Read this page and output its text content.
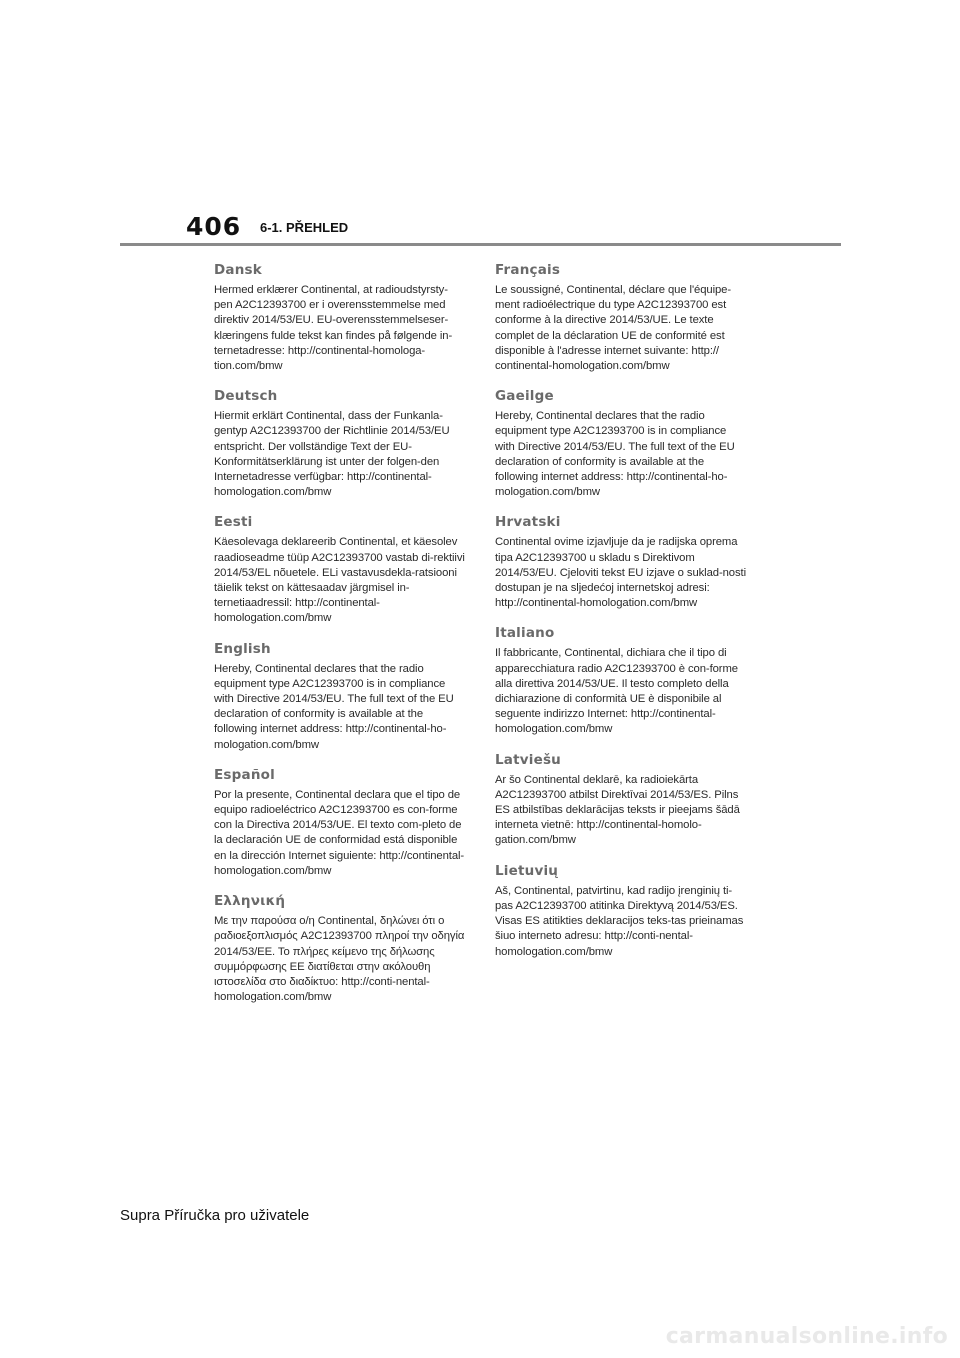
406 6-1. PŘEHLED
Dansk

Hermed erklærer Continental, at radioudstyrsty-pen A2C12393700 er i overensstemmelse med direktiv 2014/53/EU. EU-overensstemmelseser-klæringens fulde tekst kan findes på følgende in-ternetadresse: http://continental-homologa-tion.com/bmw

Deutsch

Hiermit erklärt Continental, dass der Funkanla-gentyp A2C12393700 der Richtlinie 2014/53/EU entspricht. Der vollständige Text der EU-Konformitätserklärung ist unter der folgen-den Internetadresse verfügbar: http://continental-homologation.com/bmw

Eesti

Käesolevaga deklareerib Continental, et käesolev raadioseadme tüüp A2C12393700 vastab di-rektiivi 2014/53/EL nõuetele. ELi vastavusdekla-ratsiooni täielik tekst on kättesaadav järgmisel in-ternetiaadressil: http://continental-homologation.com/bmw

English

Hereby, Continental declares that the radio equipment type A2C12393700 is in compliance with Directive 2014/53/EU. The full text of the EU declaration of conformity is available at the following internet address: http://continental-ho-mologation.com/bmw

Español

Por la presente, Continental declara que el tipo de equipo radioeléctrico A2C12393700 es con-forme con la Directiva 2014/53/UE. El texto com-pleto de la declaración UE de conformidad está disponible en la dirección Internet siguiente: http://continental-homologation.com/bmw

Ελληνική

Με την παρούσα ο/η Continental, δηλώνει ότι ο ραδιοεξοπλισμός A2C12393700 πληροί την οδηγία 2014/53/ΕΕ. Το πλήρες κείμενο της δήλωσης συμμόρφωσης ΕΕ διατίθεται στην ακόλουθη ιστοσελίδα στο διαδίκτυο: http://conti-nental-homologation.com/bmw

Français

Le soussigné, Continental, déclare que l'équipe-ment radioélectrique du type A2C12393700 est conforme à la directive 2014/53/UE. Le texte complet de la déclaration UE de conformité est disponible à l'adresse internet suivante: http:// continental-homologation.com/bmw

Gaeilge

Hereby, Continental declares that the radio equipment type A2C12393700 is in compliance with Directive 2014/53/EU. The full text of the EU declaration of conformity is available at the following internet address: http://continental-ho-mologation.com/bmw

Hrvatski

Continental ovime izjavljuje da je radijska oprema tipa A2C12393700 u skladu s Direktivom 2014/53/EU. Cjeloviti tekst EU izjave o suklad-nosti dostupan je na sljedećoj internetskoj adresi: http://continental-homologation.com/bmw

Italiano

Il fabbricante, Continental, dichiara che il tipo di apparecchiatura radio A2C12393700 è con-forme alla direttiva 2014/53/UE. Il testo completo della dichiarazione di conformità UE è disponibile al seguente indirizzo Internet: http://continental-homologation.com/bmw

Latviešu

Ar šo Continental deklarē, ka radioiekārta A2C12393700 atbilst Direktīvai 2014/53/ES. Pilns ES atbilstības deklarācijas teksts ir pieejams šādā interneta vietnē: http://continental-homolo-gation.com/bmw

Lietuvių

Aš, Continental, patvirtinu, kad radijo įrenginių ti-pas A2C12393700 atitinka Direktyvą 2014/53/ES. Visas ES atitikties deklaracijos teks-tas prieinamas šiuo interneto adresu: http://conti-nental-homologation.com/bmw

Supra Příručka pro uživatele
carmanualsonline.info
